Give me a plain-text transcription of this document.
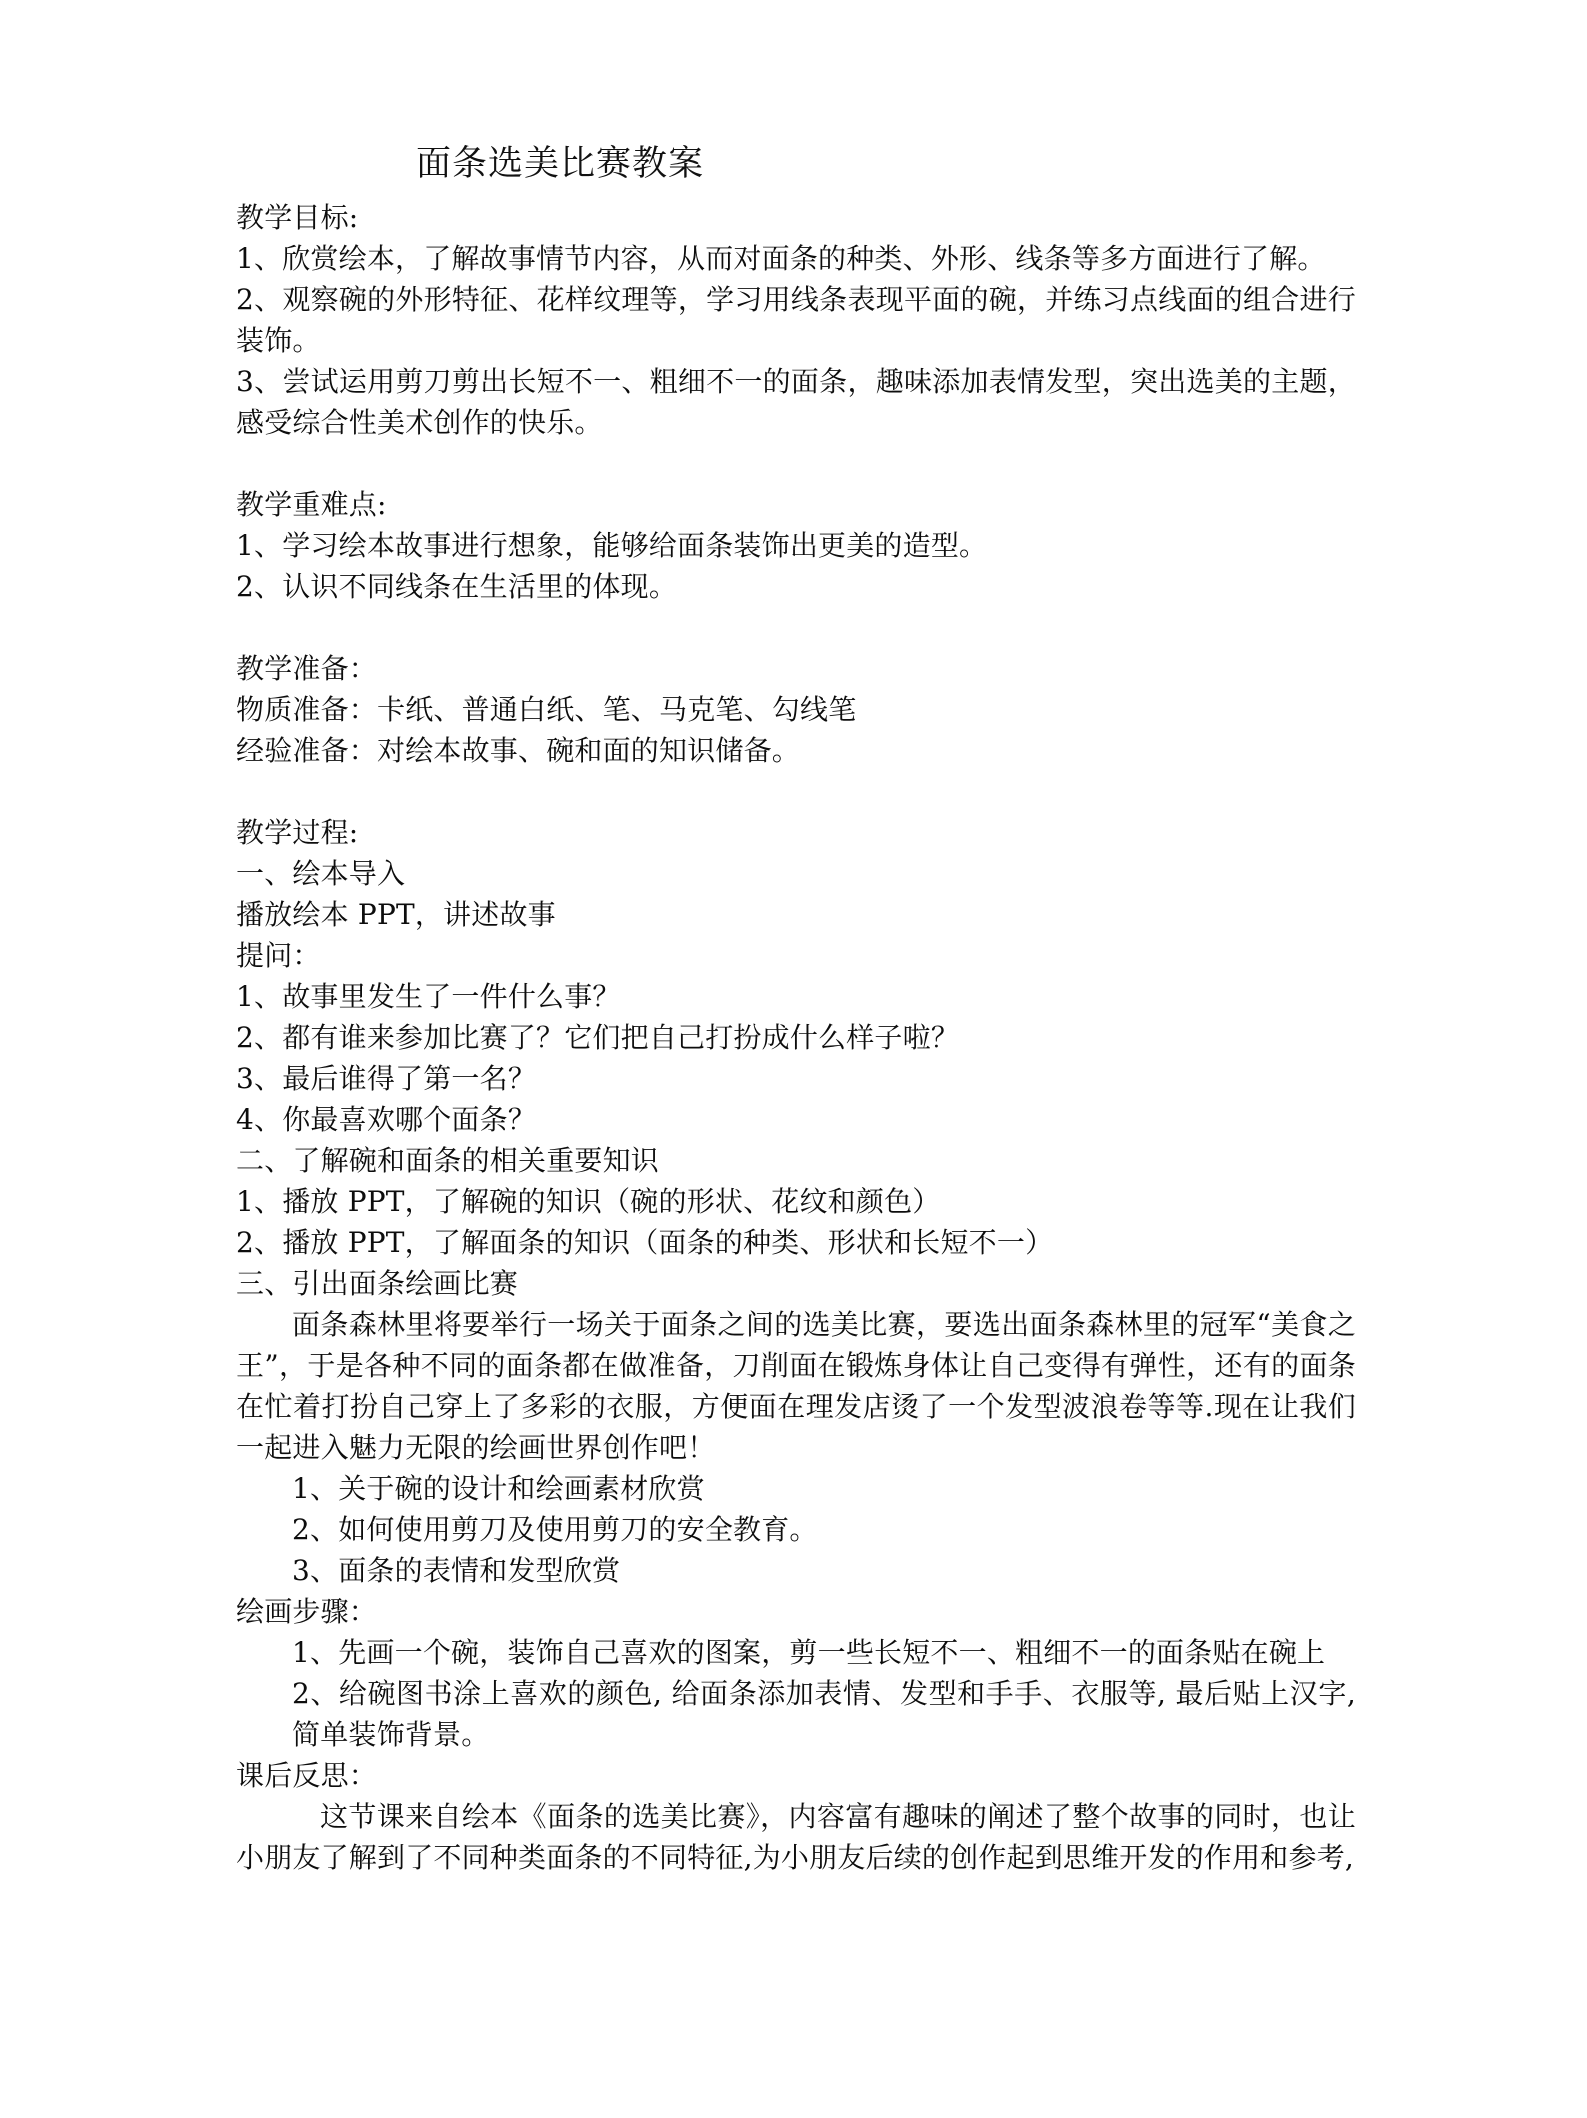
面条选美比赛教案

教学目标:

1、欣赏绘本，了解故事情节内容，从而对面条的种类、外形、线条等多方面进行了解。

2、观察碗的外形特征、花样纹理等，学习用线条表现平面的碗，并练习点线面的组合进行装饰。

3、尝试运用剪刀剪出长短不一、粗细不一的面条，趣味添加表情发型，突出选美的主题，感受综合性美术创作的快乐。

教学重难点:

1、学习绘本故事进行想象，能够给面条装饰出更美的造型。

2、认识不同线条在生活里的体现。

教学准备：

物质准备：卡纸、普通白纸、笔、马克笔、勾线笔

经验准备：对绘本故事、碗和面的知识储备。

教学过程:

一、绘本导入

播放绘本 PPT，讲述故事

提问：

1、故事里发生了一件什么事？

2、都有谁来参加比赛了？它们把自己打扮成什么样子啦？

3、最后谁得了第一名？

4、你最喜欢哪个面条？

二、了解碗和面条的相关重要知识

1、播放 PPT，了解碗的知识（碗的形状、花纹和颜色）

2、播放 PPT，了解面条的知识（面条的种类、形状和长短不一）

三、引出面条绘画比赛

面条森林里将要举行一场关于面条之间的选美比赛，要选出面条森林里的冠军“美食之王”，于是各种不同的面条都在做准备，刀削面在锻炼身体让自己变得有弹性，还有的面条在忙着打扮自己穿上了多彩的衣服，方便面在理发店烫了一个发型波浪卷等等.现在让我们一起进入魅力无限的绘画世界创作吧！

1、关于碗的设计和绘画素材欣赏

2、如何使用剪刀及使用剪刀的安全教育。

3、面条的表情和发型欣赏

绘画步骤：

1、先画一个碗，装饰自己喜欢的图案，剪一些长短不一、粗细不一的面条贴在碗上

2、给碗图书涂上喜欢的颜色, 给面条添加表情、发型和手手、衣服等, 最后贴上汉字, 简单装饰背景。

课后反思：

这节课来自绘本《面条的选美比赛》，内容富有趣味的阐述了整个故事的同时，也让小朋友了解到了不同种类面条的不同特征,为小朋友后续的创作起到思维开发的作用和参考,
